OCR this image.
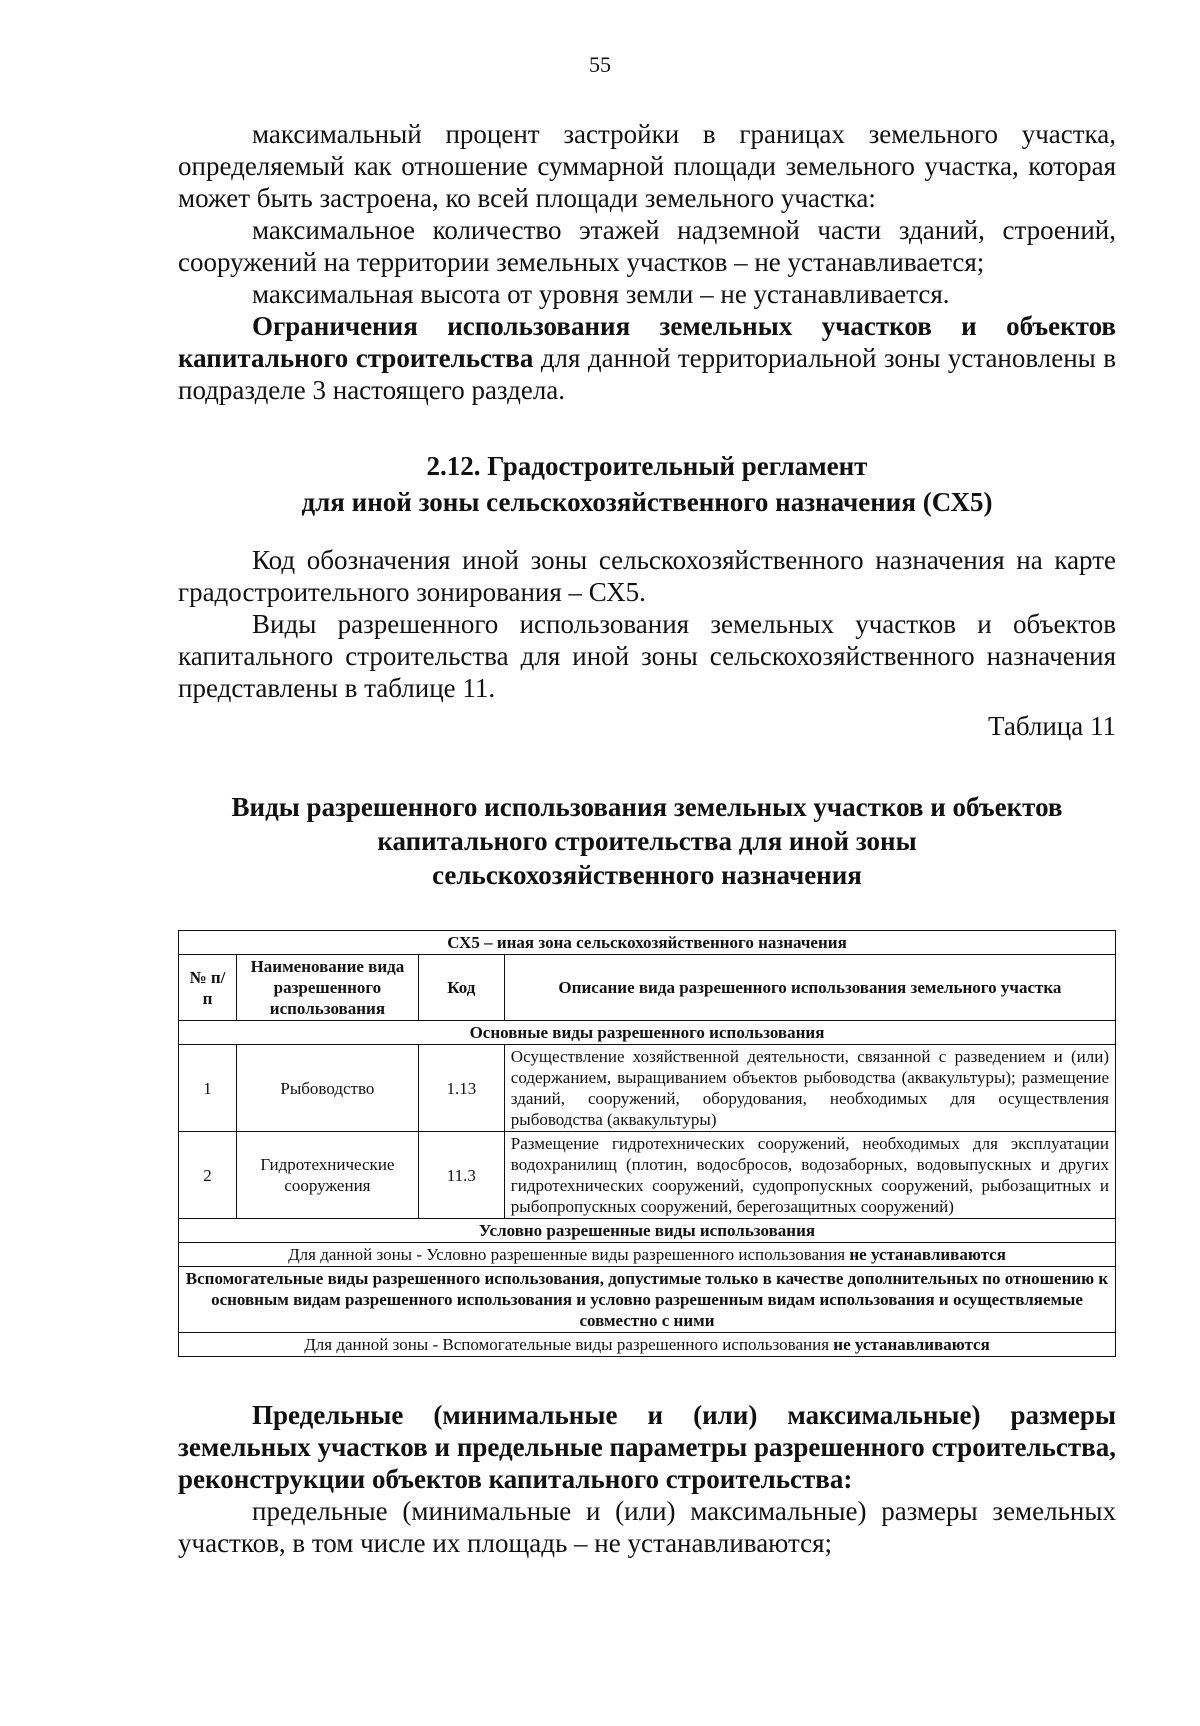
55

максимальный процент застройки в границах земельного участка, определяемый как отношение суммарной площади земельного участка, которая может быть застроена, ко всей площади земельного участка:

максимальное количество этажей надземной части зданий, строений, сооружений на территории земельных участков – не устанавливается;

максимальная высота от уровня земли – не устанавливается.

Ограничения использования земельных участков и объектов капитального строительства для данной территориальной зоны установлены в подразделе 3 настоящего раздела.

2.12. Градостроительный регламент
для иной зоны сельскохозяйственного назначения (СХ5)

Код обозначения иной зоны сельскохозяйственного назначения на карте градостроительного зонирования – СХ5.

Виды разрешенного использования земельных участков и объектов капитального строительства для иной зоны сельскохозяйственного назначения представлены в таблице 11.

Таблица 11
Виды разрешенного использования земельных участков и объектов
капитального строительства для иной зоны
сельскохозяйственного назначения
СХ5 – иная зона сельскохозяйственного назначения			
№ п/п	Наименование вида разрешенного использования	Код	Описание вида разрешенного использования земельного участка
Основные виды разрешенного использования			
1	Рыбоводство	1.13	Осуществление хозяйственной деятельности, связанной с разведением и (или) содержанием, выращиванием объектов рыбоводства (аквакультуры); размещение зданий, сооружений, оборудования, необходимых для осуществления рыбоводства (аквакультуры)
2	Гидротехнические сооружения	11.3	Размещение гидротехнических сооружений, необходимых для эксплуатации водохранилищ (плотин, водосбросов, водозаборных, водовыпускных и других гидротехнических сооружений, судопропускных сооружений, рыбозащитных и рыбопропускных сооружений, берегозащитных сооружений)
Условно разрешенные виды использования			
Для данной зоны - Условно разрешенные виды разрешенного использования не устанавливаются			
Вспомогательные виды разрешенного использования, допустимые только в качестве дополнительных по отношению к основным видам разрешенного использования и условно разрешенным видам использования и осуществляемые совместно с ними			
Для данной зоны - Вспомогательные виды разрешенного использования не устанавливаются			

Предельные (минимальные и (или) максимальные) размеры земельных участков и предельные параметры разрешенного строительства, реконструкции объектов капитального строительства:

предельные (минимальные и (или) максимальные) размеры земельных участков, в том числе их площадь – не устанавливаются;
